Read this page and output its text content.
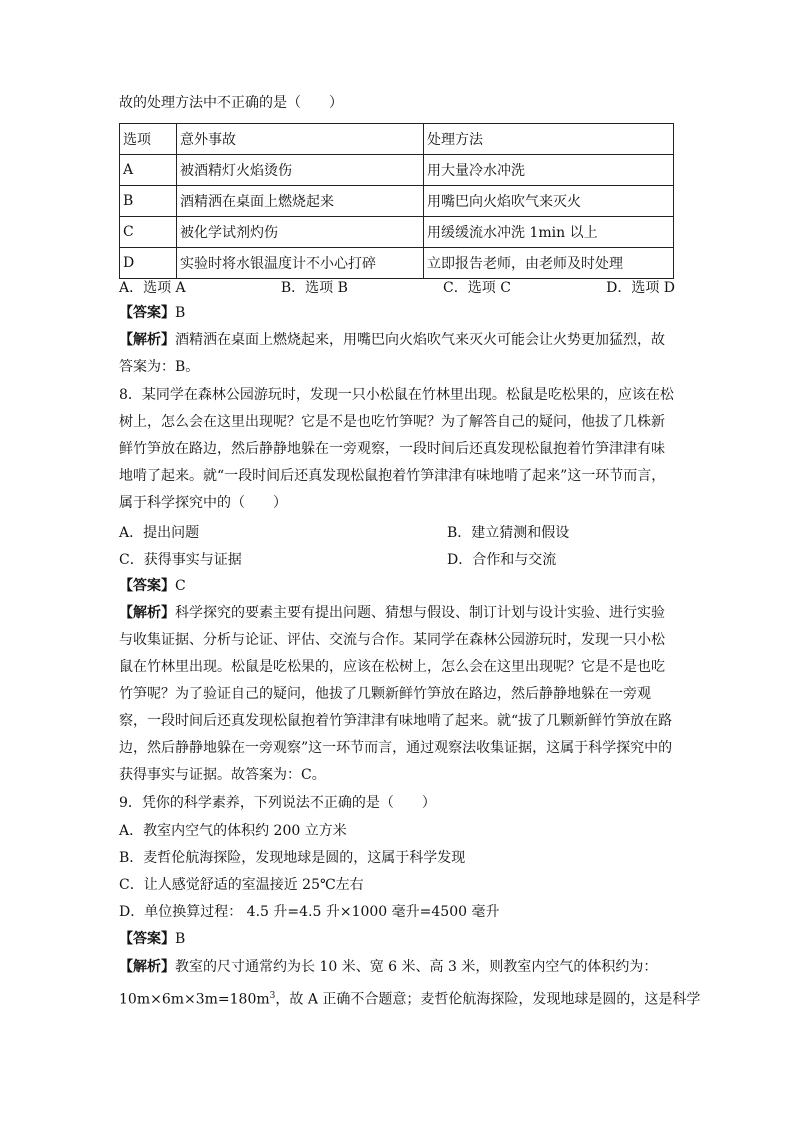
故的处理方法中不正确的是（　　）
选项	意外事故	处理方法
A	被酒精灯火焰烫伤	用大量冷水冲洗
B	酒精洒在桌面上燃烧起来	用嘴巴向火焰吹气来灭火
C	被化学试剂灼伤	用缓缓流水冲洗 1min 以上
D	实验时将水银温度计不小心打碎	立即报告老师，由老师及时处理
A．选项 A	B．选项 B	C．选项 C	D．选项 D
【答案】B
【解析】酒精洒在桌面上燃烧起来，用嘴巴向火焰吹气来灭火可能会让火势更加猛烈，故
答案为：B。
8．某同学在森林公园游玩时，发现一只小松鼠在竹林里出现。松鼠是吃松果的，应该在松
树上，怎么会在这里出现呢？它是不是也吃竹笋呢？为了解答自己的疑问，他拔了几株新
鲜竹笋放在路边，然后静静地躲在一旁观察，一段时间后还真发现松鼠抱着竹笋津津有味
地啃了起来。就“一段时间后还真发现松鼠抱着竹笋津津有味地啃了起来”这一环节而言，
属于科学探究中的（　　）
A．提出问题	B．建立猜测和假设
C．获得事实与证据	D．合作和与交流
【答案】C
【解析】科学探究的要素主要有提出问题、猜想与假设、制订计划与设计实验、进行实验
与收集证据、分析与论证、评估、交流与合作。某同学在森林公园游玩时，发现一只小松
鼠在竹林里出现。松鼠是吃松果的，应该在松树上，怎么会在这里出现呢？它是不是也吃
竹笋呢？为了验证自己的疑问，他拔了几颗新鲜竹笋放在路边，然后静静地躲在一旁观
察，一段时间后还真发现松鼠抱着竹笋津津有味地啃了起来。就“拔了几颗新鲜竹笋放在路
边，然后静静地躲在一旁观察”这一环节而言，通过观察法收集证据，这属于科学探究中的
获得事实与证据。故答案为：C。
9．凭你的科学素养，下列说法不正确的是（　　）
A．教室内空气的体积约 200 立方米
B．麦哲伦航海探险，发现地球是圆的，这属于科学发现
C．让人感觉舒适的室温接近 25℃左右
D．单位换算过程： 4.5 升=4.5 升×1000 毫升=4500 毫升
【答案】B
【解析】教室的尺寸通常约为长 10 米、宽 6 米、高 3 米，则教室内空气的体积约为：
$10m\times 6m\times 3m=180m^3$，故 A 正确不合题意；麦哲伦航海探险，发现地球是圆的，这是科学
